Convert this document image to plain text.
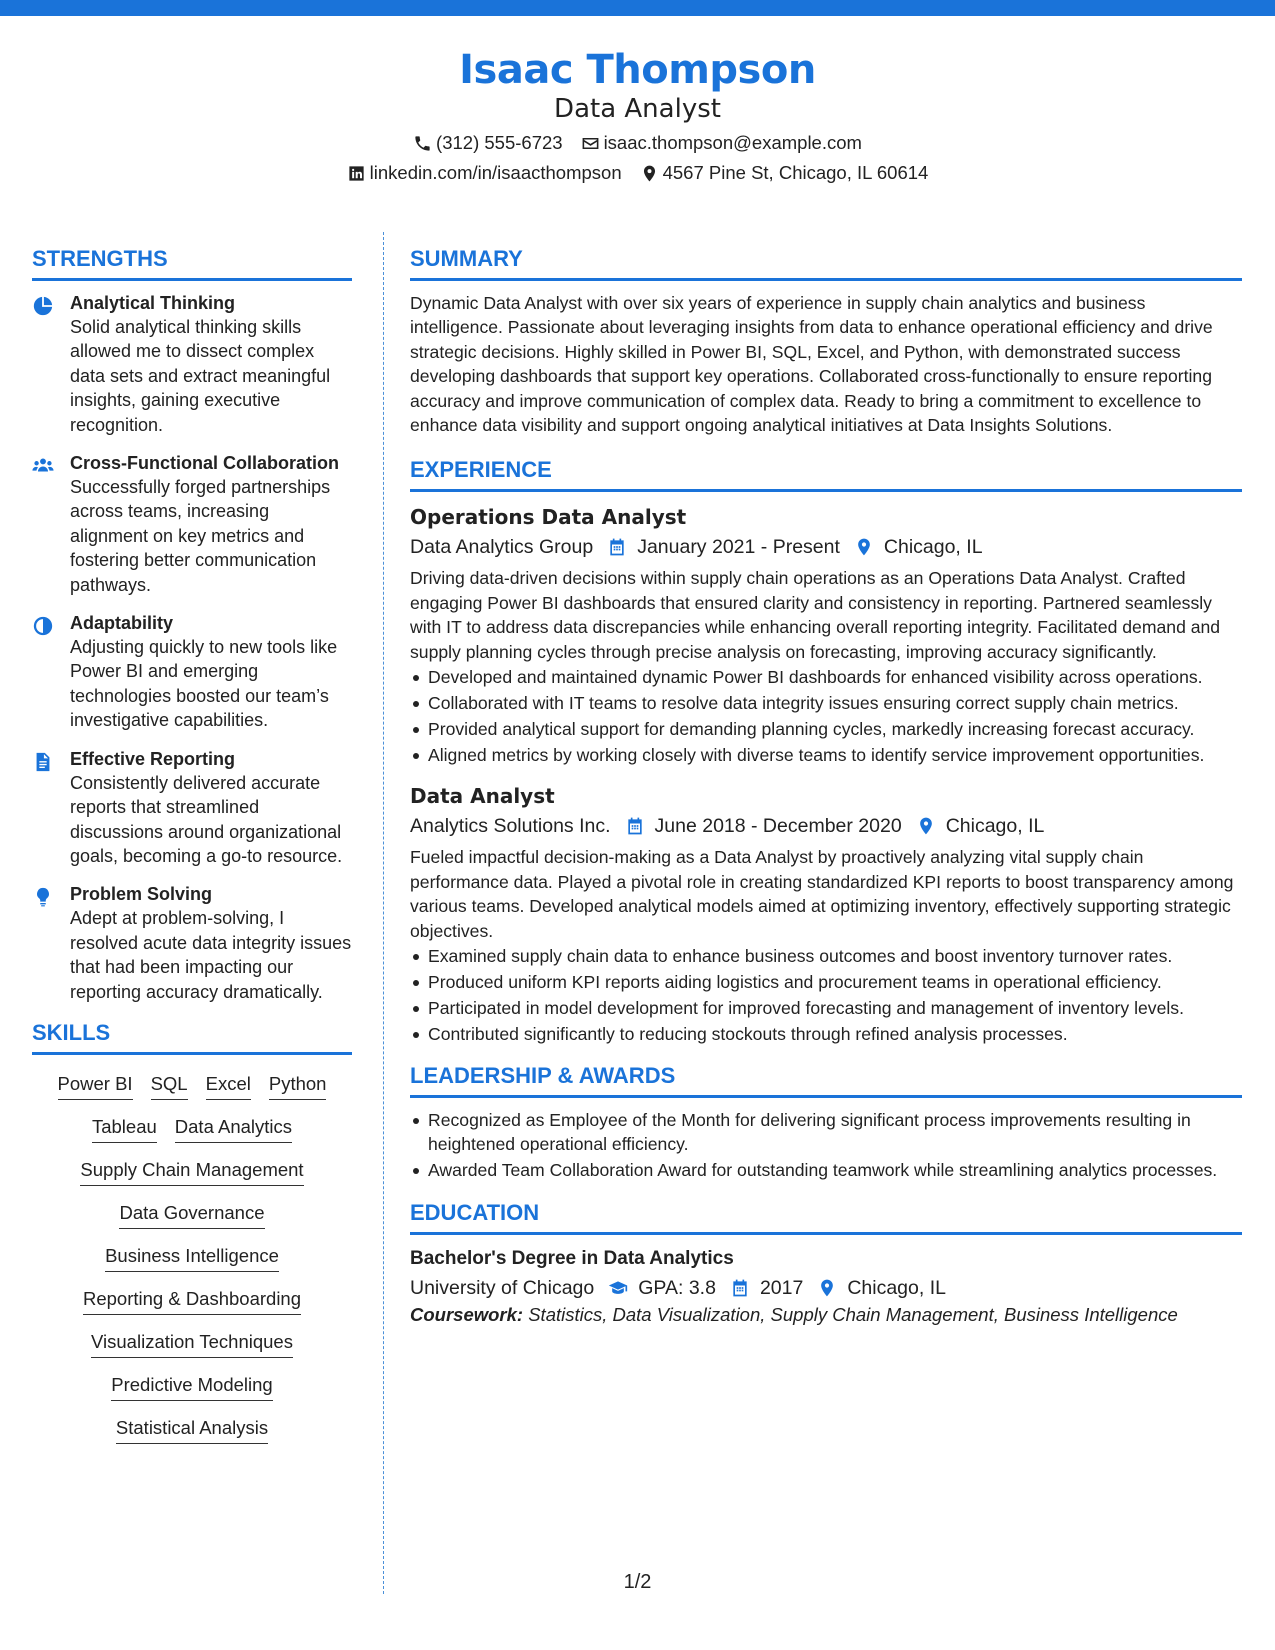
Isaac Thompson
Data Analyst
(312) 555-6723 isaac.thompson@example.com
linkedin.com/in/isaacthompson 4567 Pine St, Chicago, IL 60614
STRENGTHS
Analytical Thinking
Solid analytical thinking skills allowed me to dissect complex data sets and extract meaningful insights, gaining executive recognition.
Cross-Functional Collaboration
Successfully forged partnerships across teams, increasing alignment on key metrics and fostering better communication pathways.
Adaptability
Adjusting quickly to new tools like Power BI and emerging technologies boosted our team’s investigative capabilities.
Effective Reporting
Consistently delivered accurate reports that streamlined discussions around organizational goals, becoming a go-to resource.
Problem Solving
Adept at problem-solving, I resolved acute data integrity issues that had been impacting our reporting accuracy dramatically.
SKILLS
Power BI SQL Excel Python
Tableau Data Analytics
Supply Chain Management
Data Governance
Business Intelligence
Reporting & Dashboarding
Visualization Techniques
Predictive Modeling
Statistical Analysis
SUMMARY
Dynamic Data Analyst with over six years of experience in supply chain analytics and business intelligence. Passionate about leveraging insights from data to enhance operational efficiency and drive strategic decisions. Highly skilled in Power BI, SQL, Excel, and Python, with demonstrated success developing dashboards that support key operations. Collaborated cross-functionally to ensure reporting accuracy and improve communication of complex data. Ready to bring a commitment to excellence to enhance data visibility and support ongoing analytical initiatives at Data Insights Solutions.
EXPERIENCE
Operations Data Analyst
Data Analytics Group January 2021 - Present Chicago, IL
Driving data-driven decisions within supply chain operations as an Operations Data Analyst. Crafted engaging Power BI dashboards that ensured clarity and consistency in reporting. Partnered seamlessly with IT to address data discrepancies while enhancing overall reporting integrity. Facilitated demand and supply planning cycles through precise analysis on forecasting, improving accuracy significantly.
Developed and maintained dynamic Power BI dashboards for enhanced visibility across operations.
Collaborated with IT teams to resolve data integrity issues ensuring correct supply chain metrics.
Provided analytical support for demanding planning cycles, markedly increasing forecast accuracy.
Aligned metrics by working closely with diverse teams to identify service improvement opportunities.
Data Analyst
Analytics Solutions Inc. June 2018 - December 2020 Chicago, IL
Fueled impactful decision-making as a Data Analyst by proactively analyzing vital supply chain performance data. Played a pivotal role in creating standardized KPI reports to boost transparency among various teams. Developed analytical models aimed at optimizing inventory, effectively supporting strategic objectives.
Examined supply chain data to enhance business outcomes and boost inventory turnover rates.
Produced uniform KPI reports aiding logistics and procurement teams in operational efficiency.
Participated in model development for improved forecasting and management of inventory levels.
Contributed significantly to reducing stockouts through refined analysis processes.
LEADERSHIP & AWARDS
Recognized as Employee of the Month for delivering significant process improvements resulting in heightened operational efficiency.
Awarded Team Collaboration Award for outstanding teamwork while streamlining analytics processes.
EDUCATION
Bachelor's Degree in Data Analytics
University of Chicago GPA: 3.8 2017 Chicago, IL
Coursework: Statistics, Data Visualization, Supply Chain Management, Business Intelligence
1/2
